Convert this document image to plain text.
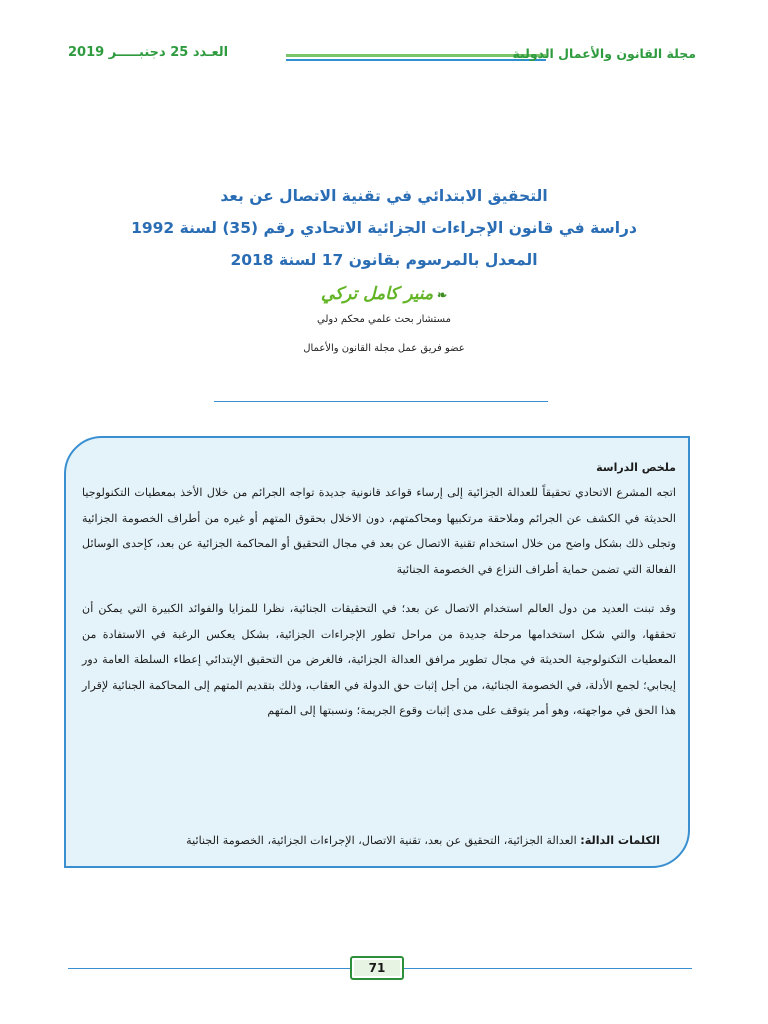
العـدد 25 دجنبـــــر 2019	مجلة القانون والأعمال الدولية
التحقيق الابتدائي في تقنية الاتصال عن بعد
دراسة في قانون الإجراءات الجزائية الاتحادي رقم (35) لسنة 1992
المعدل بالمرسوم بقانون 17 لسنة 2018
❧منير كامل تركي
مستشار بحث علمي محكم دولي
عضو فريق عمل مجلة القانون والأعمال
ملخص الدراسة

اتجه المشرع الاتحادي تحقيقاً للعدالة الجزائية إلى إرساء قواعد قانونية جديدة تواجه الجرائم من خلال الأخذ بمعطيات التكنولوجيا الحديثة في الكشف عن الجرائم وملاحقة مرتكبيها ومحاكمتهم، دون الاخلال بحقوق المتهم أو غيره من أطراف الخصومة الجزائية وتجلى ذلك بشكل واضح من خلال استخدام تقنية الاتصال عن بعد في مجال التحقيق أو المحاكمة الجزائية عن بعد، كإحدى الوسائل الفعالة التي تضمن حماية أطراف النزاع في الخصومة الجنائية

وقد تبنت العديد من دول العالم استخدام الاتصال عن بعد؛ في التحقيقات الجنائية، نظرا للمزايا والفوائد الكبيرة التي يمكن أن تحققها، والتي شكل استخدامها مرحلة جديدة من مراحل تطور الإجراءات الجزائية، بشكل يعكس الرغبة في الاستفادة من المعطيات التكنولوجية الحديثة في مجال تطوير مرافق العدالة الجزائية، فالغرض من التحقيق الإبتدائي إعطاء السلطة العامة دور إيجابي؛ لجمع الأدلة، في الخصومة الجنائية، من أجل إثبات حق الدولة في العقاب، وذلك بتقديم المتهم إلى المحاكمة الجنائية لإقرار هذا الحق في مواجهته، وهو أمر يتوقف على مدى إثبات وقوع الجريمة؛ ونسبتها إلى المتهم

الكلمات الدالة: العدالة الجزائية، التحقيق عن بعد، تقنية الاتصال، الإجراءات الجزائية، الخصومة الجنائية
71
